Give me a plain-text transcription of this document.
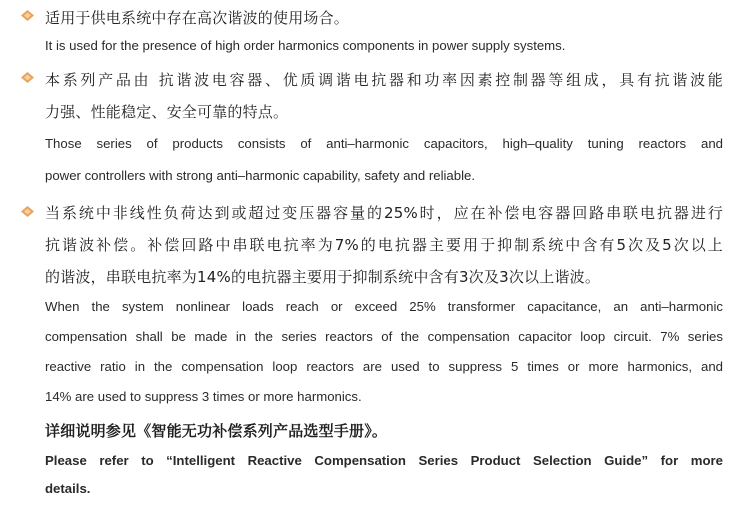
适用于供电系统中存在高次谐波的使用场合。
It is used for the presence of high order harmonics components in power supply systems.
本系列产品由 抗谐波电容器、优质调谐电抗器和功率因素控制器等组成，具有抗谐波能
力强、性能稳定、安全可靠的特点。
Those series of products consists of anti–harmonic capacitors, high–quality tuning reactors and
power controllers with strong anti–harmonic capability, safety and reliable.
当系统中非线性负荷达到或超过变压器容量的25%时，应在补偿电容器回路串联电抗器进行
抗谐波补偿。补偿回路中串联电抗率为7%的电抗器主要用于抑制系统中含有5次及5次以上
的谐波，串联电抗率为14%的电抗器主要用于抑制系统中含有3次及3次以上谐波。
When the system nonlinear loads reach or exceed 25% transformer capacitance, an anti–harmonic
compensation shall be made in the series reactors of the compensation capacitor loop circuit. 7% series
reactive ratio in the compensation loop reactors are used to suppress 5 times or more harmonics, and
14% are used to suppress 3 times or more harmonics.
详细说明参见《智能无功补偿系列产品选型手册》。
Please refer to “Intelligent Reactive Compensation Series Product Selection Guide” for more
details.
